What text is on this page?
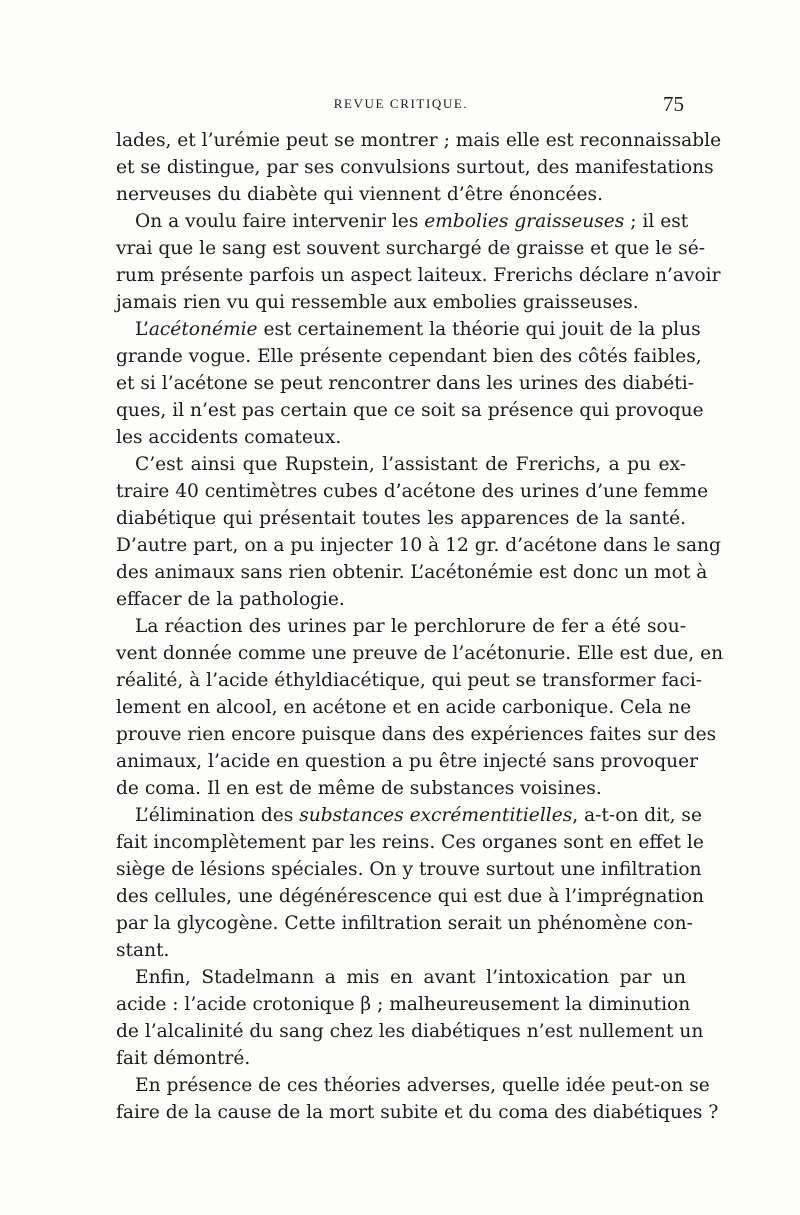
REVUE CRITIQUE.	75
lades, et l’urémie peut se montrer ; mais elle est reconnaissable
et se distingue, par ses convulsions surtout, des manifestations
nerveuses du diabète qui viennent d’être énoncées.
On a voulu faire intervenir les embolies graisseuses ; il est
vrai que le sang est souvent surchargé de graisse et que le sé-
rum présente parfois un aspect laiteux. Frerichs déclare n’avoir
jamais rien vu qui ressemble aux embolies graisseuses.
L’acétonémie est certainement la théorie qui jouit de la plus
grande vogue. Elle présente cependant bien des côtés faibles,
et si l’acétone se peut rencontrer dans les urines des diabéti-
ques, il n’est pas certain que ce soit sa présence qui provoque
les accidents comateux.
C’est ainsi que Rupstein, l’assistant de Frerichs, a pu ex-
traire 40 centimètres cubes d’acétone des urines d’une femme
diabétique qui présentait toutes les apparences de la santé.
D’autre part, on a pu injecter 10 à 12 gr. d’acétone dans le sang
des animaux sans rien obtenir. L’acétonémie est donc un mot à
effacer de la pathologie.
La réaction des urines par le perchlorure de fer a été sou-
vent donnée comme une preuve de l’acétonurie. Elle est due, en
réalité, à l’acide éthyldiacétique, qui peut se transformer faci-
lement en alcool, en acétone et en acide carbonique. Cela ne
prouve rien encore puisque dans des expériences faites sur des
animaux, l’acide en question a pu être injecté sans provoquer
de coma. Il en est de même de substances voisines.
L’élimination des substances excrémentitielles, a-t-on dit, se
fait incomplètement par les reins. Ces organes sont en effet le
siège de lésions spéciales. On y trouve surtout une infiltration
des cellules, une dégénérescence qui est due à l’imprégnation
par la glycogène. Cette infiltration serait un phénomène con-
stant.
Enfin, Stadelmann a mis en avant l’intoxication par un
acide : l’acide crotonique β ; malheureusement la diminution
de l’alcalinité du sang chez les diabétiques n’est nullement un
fait démontré.
En présence de ces théories adverses, quelle idée peut-on se
faire de la cause de la mort subite et du coma des diabétiques ?
